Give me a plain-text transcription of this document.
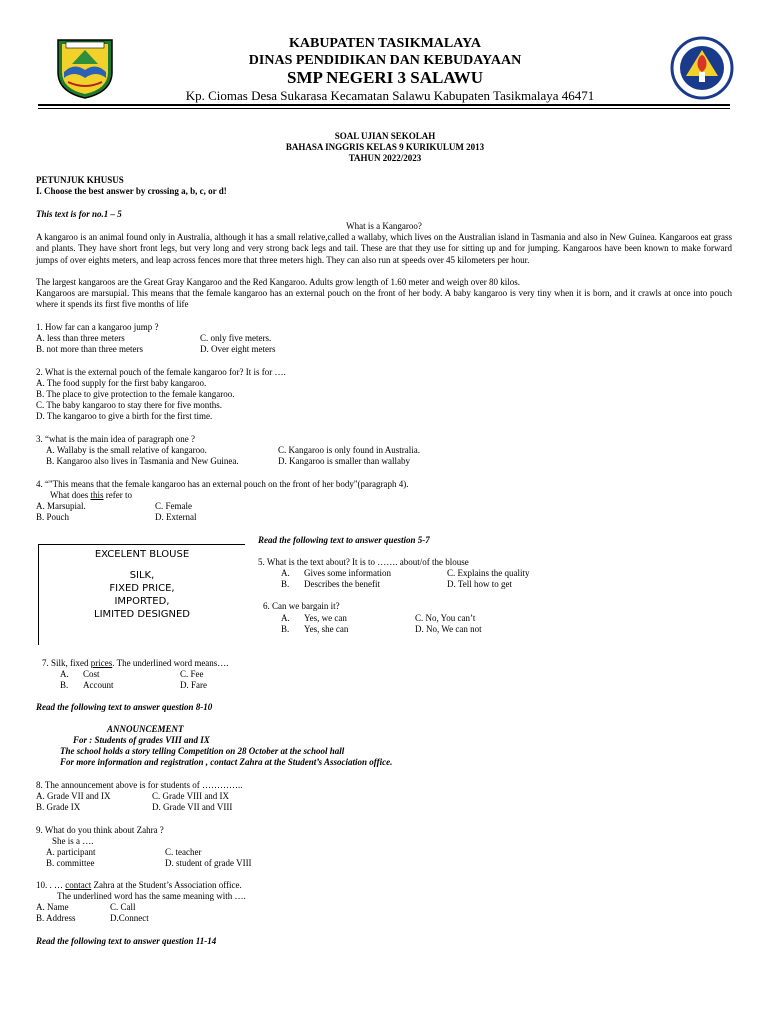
KABUPATEN TASIKMALAYA
DINAS PENDIDIKAN DAN KEBUDAYAAN
SMP NEGERI 3 SALAWU
Kp. Ciomas Desa Sukarasa Kecamatan Salawu Kabupaten Tasikmalaya 46471
SOAL UJIAN SEKOLAH
BAHASA INGGRIS KELAS 9 KURIKULUM 2013
TAHUN 2022/2023
PETUNJUK KHUSUS
I. Choose the best answer by crossing a, b, c, or d!
This text is for no.1 – 5
What is a Kangaroo?
A kangaroo is an animal found only in Australia, although it has a small relative,called a wallaby, which lives on the Australian island in Tasmania and also in New Guinea. Kangaroos eat grass and plants. They have short front legs, but very long and very strong back legs and tail. These are that they use for sitting up and for jumping. Kangaroos have been known to make forward jumps of over eights meters, and leap across fences more that three meters high. They can also run at speeds over 45 kilometers per hour.
The largest kangaroos are the Great Gray Kangaroo and the Red Kangaroo. Adults grow length of 1.60 meter and weigh over 80 kilos.
Kangaroos are marsupial. This means that the female kangaroo has an external pouch on the front of her body. A baby kangaroo is very tiny when it is born, and it crawls at once into pouch where it spends its first five months of life
1. How far can a kangaroo jump ?
A. less than three meters	C. only five meters.
B. not more than three meters	D. Over eight meters
2. What is the external pouch of the female kangaroo for? It is for ….
A. The food supply for the first baby kangaroo.
B. The place to give protection to the female kangaroo.
C. The baby kangaroo to stay there for five months.
D. The kangaroo to give a birth for the first time.
3. “what is the main idea of paragraph one ?
A. Wallaby is the small relative of kangaroo.	C. Kangaroo is only found in Australia.
B. Kangaroo also lives in Tasmania and New Guinea.	D. Kangaroo is smaller than wallaby
4. “"This means that the female kangaroo has an external pouch on the front of her body"(paragraph 4).
What does this refer to
A. Marsupial.	C. Female
B. Pouch	D. External
Read the following text to answer question 5-7
EXCELENT BLOUSE
SILK,
FIXED PRICE,
IMPORTED,
LIMITED DESIGNED
5. What is the text about? It is to ……. about/of the blouse
A. Gives some information	C. Explains the quality
B. Describes the benefit	D. Tell how to get
6. Can we bargain it?
A. Yes, we can	C. No, You can’t
B. Yes, she can	D. No, We can not
7. Silk, fixed prices. The underlined word means….
A. Cost	C. Fee
B. Account	D. Fare
Read the following text to answer question 8-10
ANNOUNCEMENT
For : Students of grades VIII and IX
The school holds a story telling Competition on 28 October at the school hall
For more information and registration , contact Zahra at the Student’s Association office.
8. The announcement above is for students of …………..
A. Grade VII and IX	C. Grade VIII and IX
B. Grade IX	D. Grade VII and VIII
9. What do you think about Zahra ?
She is a ….
A. participant	C. teacher
B. committee	D. student of grade VIII
10. . … contact Zahra at the Student’s Association office.
The underlined word has the same meaning with ….
A. Name	C. Call
B. Address	D.Connect
Read the following text to answer question 11-14
